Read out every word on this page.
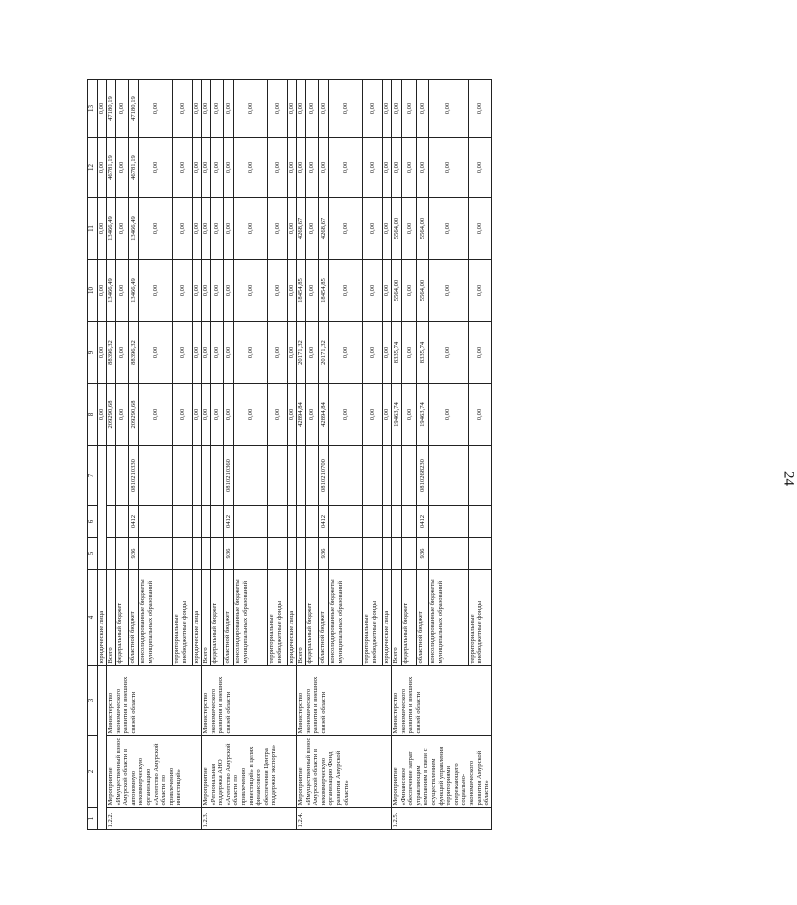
24
1	2	3	4	5	6	7	8	9	10	11	12	13
			юридические лица				0,00	0,00	0,00	0,00	0,00	0,00
1.2.2.	Мероприятие «Имущественный взнос Амурской области в автономную некоммерческую организацию «Агентство Амурской области по привлечению инвестиций»	Министерство экономического развития и внешних связей области	Всего				209290,68	88396,32	13466,49	13466,49	46781,19	47180,19
			федеральный бюджет				0,00	0,00	0,00	0,00	0,00	0,00
			областной бюджет	936	0412	0810210330	209290,68	88396,32	13466,49	13466,49	46781,19	47180,19
			консолидированные бюджеты муниципальных образований				0,00	0,00	0,00	0,00	0,00	0,00
			территориальные внебюджетные фонды				0,00	0,00	0,00	0,00	0,00	0,00
			юридические лица				0,00	0,00	0,00	0,00	0,00	0,00
1.2.3.	Мероприятие «Региональная поддержка АНО «Агентство Амурской области по привлечению инвестиций» в целях финансового обеспечения Центра поддержки экспорта»	Министерство экономического развития и внешних связей области	Всего				0,00	0,00	0,00	0,00	0,00	0,00
			федеральный бюджет				0,00	0,00	0,00	0,00	0,00	0,00
			областной бюджет	936	0412	0810210360	0,00	0,00	0,00	0,00	0,00	0,00
			консолидированные бюджеты муниципальных образований				0,00	0,00	0,00	0,00	0,00	0,00
			территориальные внебюджетные фонды				0,00	0,00	0,00	0,00	0,00	0,00
			юридические лица				0,00	0,00	0,00	0,00	0,00	0,00
1.2.4.	Мероприятие «Имущественный взнос Амурской области в некоммерческую организацию Фонд развития Амурской области»	Министерство экономического развития и внешних связей области	Всего				42894,84	20171,32	18454,85	4268,67	0,00	0,00
			федеральный бюджет				0,00	0,00	0,00	0,00	0,00	0,00
			областной бюджет	936	0412	0810210700	42894,84	20171,32	18454,85	4268,67	0,00	0,00
			консолидированные бюджеты муниципальных образований				0,00	0,00	0,00	0,00	0,00	0,00
			территориальные внебюджетные фонды				0,00	0,00	0,00	0,00	0,00	0,00
			юридические лица				0,00	0,00	0,00	0,00	0,00	0,00
1.2.5.	Мероприятие «Финансовое обеспечение затрат управляющим компаниям в связи с осуществлением функций управления территориями опережающего социально-экономического развития Амурской области»	Министерство экономического развития и внешних связей области	Всего				19463,74	8335,74	5564,00	5564,00	0,00	0,00
			федеральный бюджет				0,00	0,00	0,00	0,00	0,00	0,00
			областной бюджет	936	0412	0810268230	19463,74	8335,74	5564,00	5564,00	0,00	0,00
			консолидированные бюджеты муниципальных образований				0,00	0,00	0,00	0,00	0,00	0,00
			территориальные внебюджетные фонды				0,00	0,00	0,00	0,00	0,00	0,00
